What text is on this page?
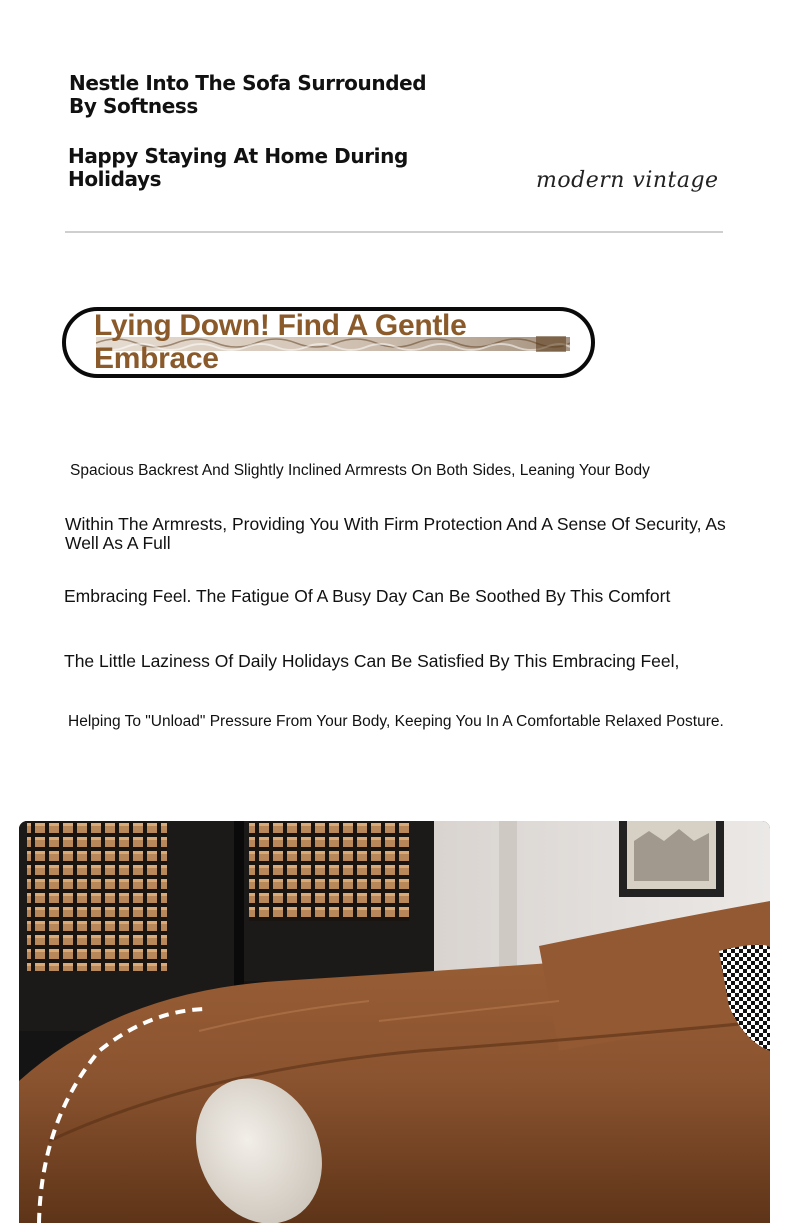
Nestle Into The Sofa Surrounded By Softness
Happy Staying At Home During Holidays	modern vintage
Lying Down! Find A Gentle Embrace

Spacious Backrest And Slightly Inclined Armrests On Both Sides, Leaning Your Body

Within The Armrests, Providing You With Firm Protection And A Sense Of Security, As Well As A Full

Embracing Feel. The Fatigue Of A Busy Day Can Be Soothed By This Comfort

The Little Laziness Of Daily Holidays Can Be Satisfied By This Embracing Feel,

Helping To "Unload" Pressure From Your Body, Keeping You In A Comfortable Relaxed Posture.
